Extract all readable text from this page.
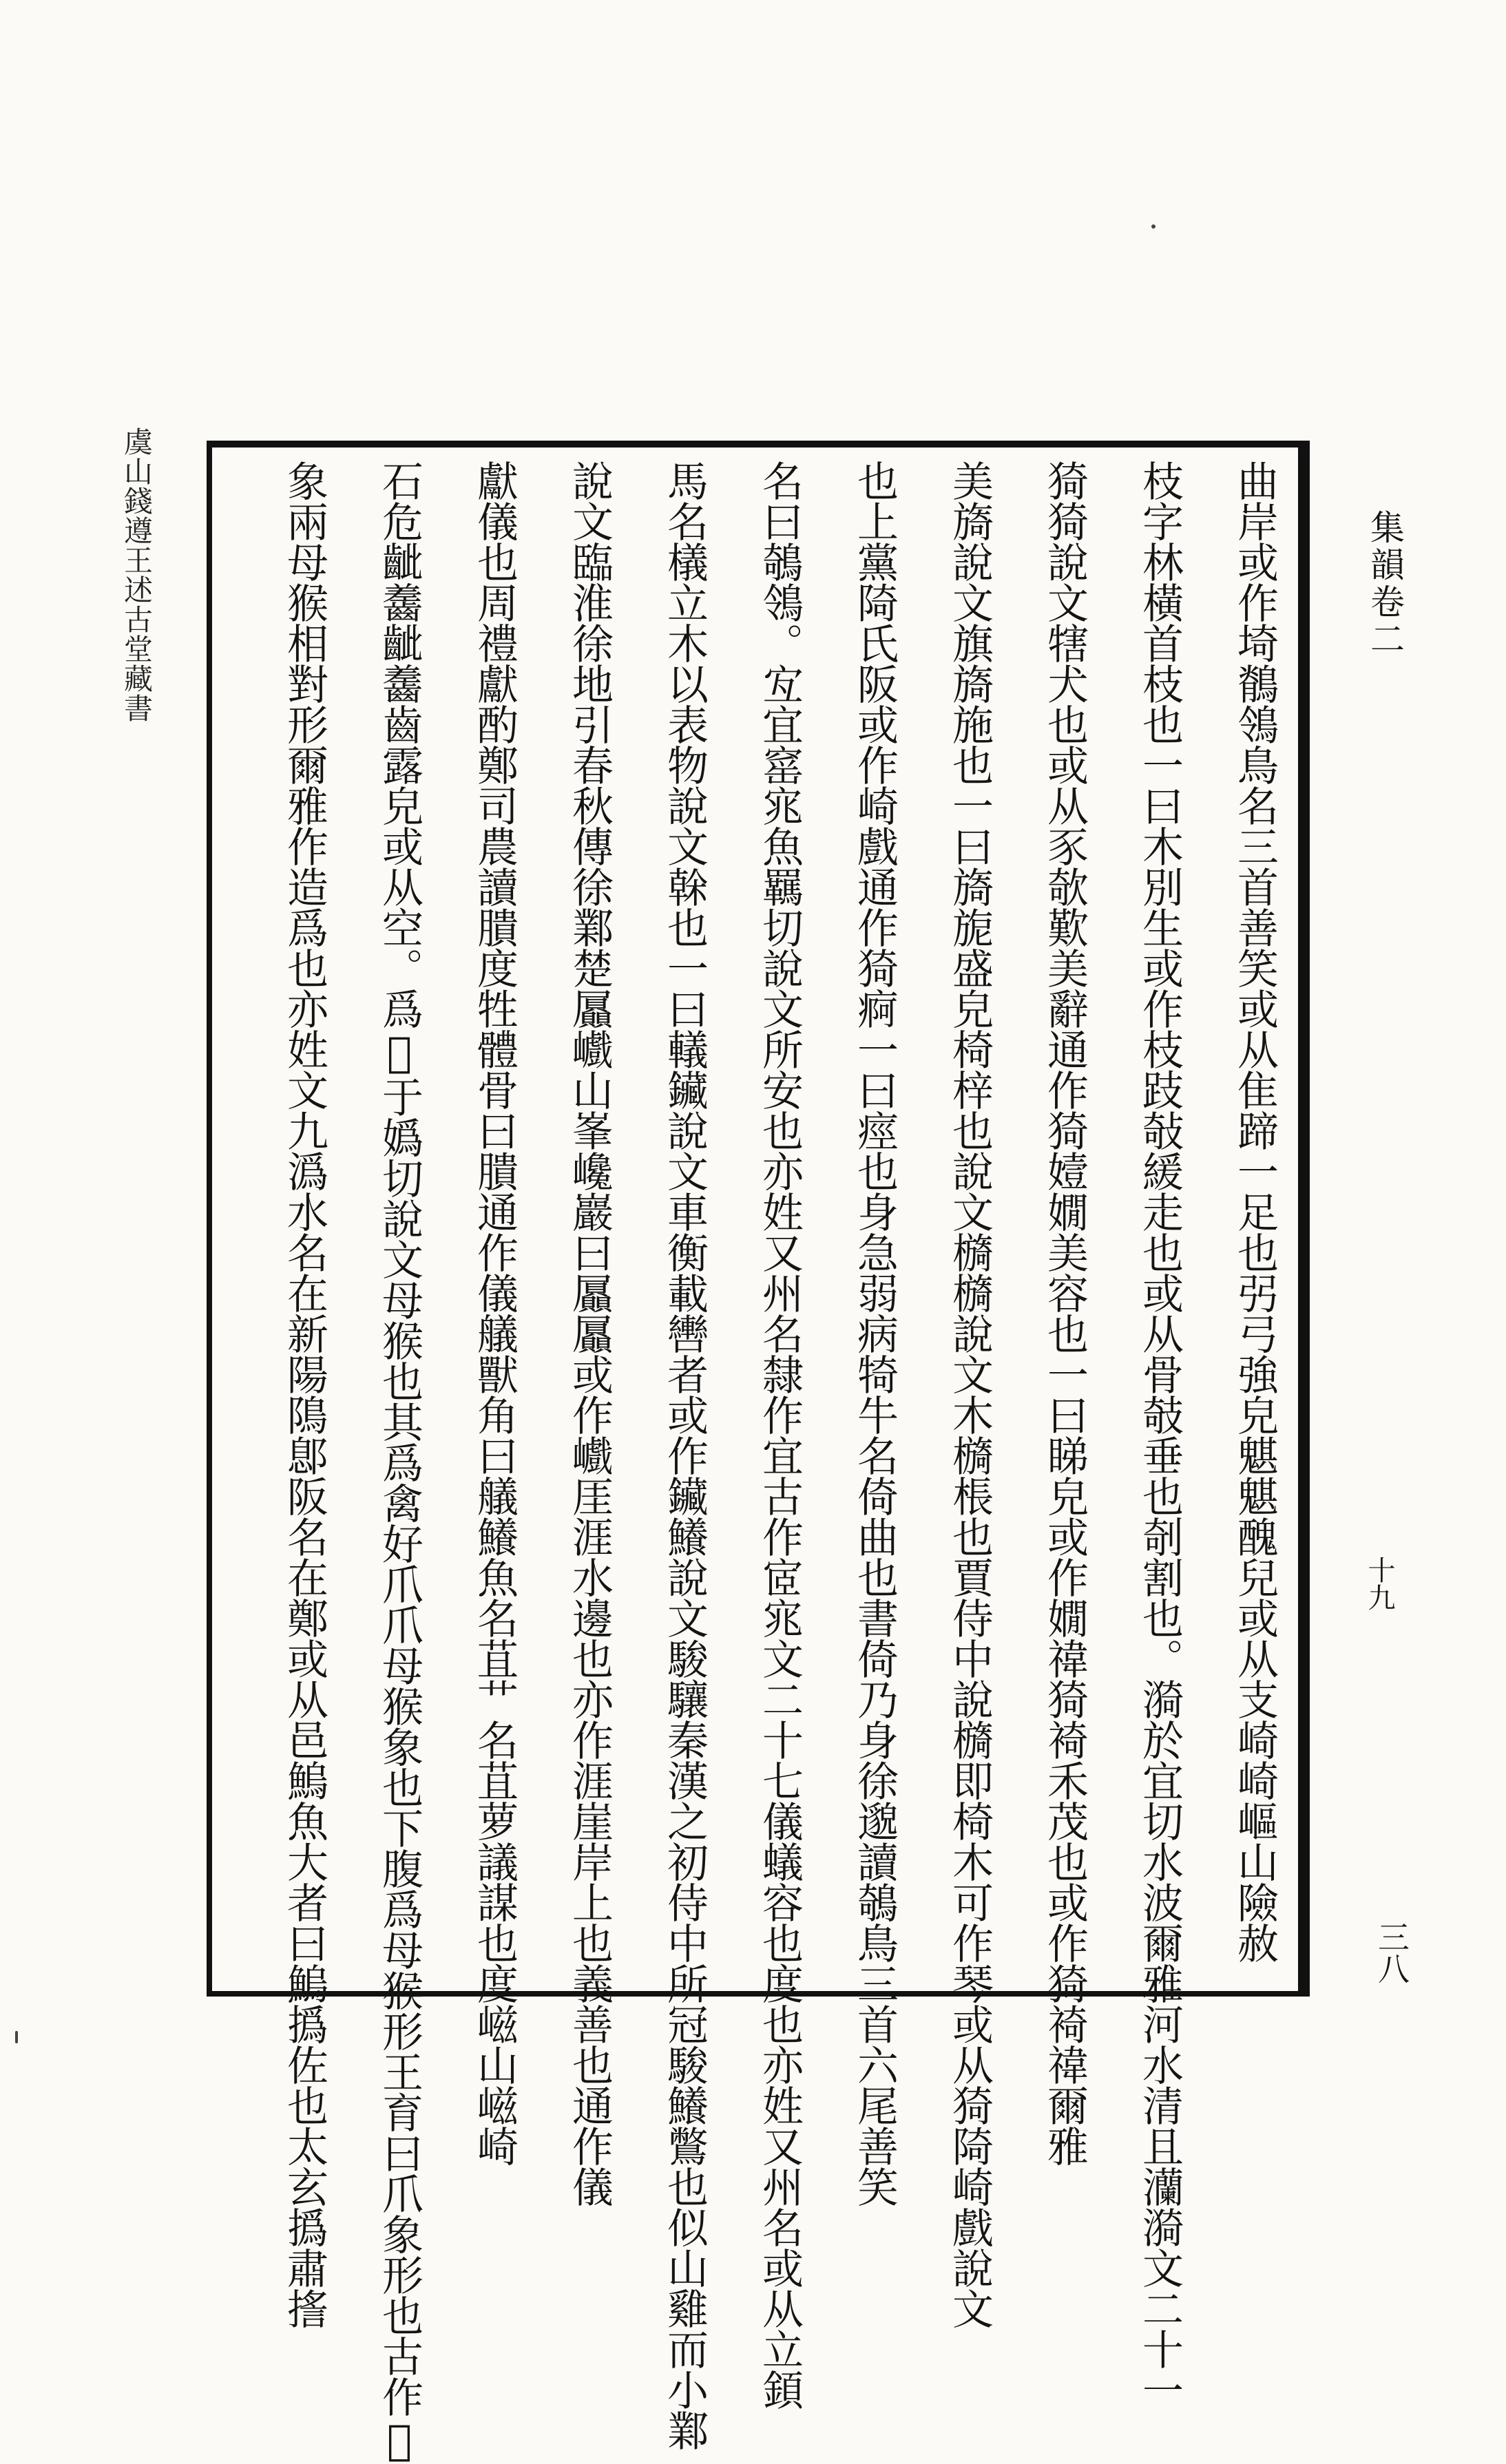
曲岸或作埼鶺鴒鳥名三首善笑或从隹蹄一足也弜弓強皃魌魌醜兒或从支崎崎嶇山險赦
枝字林橫首枝也一曰木別生或作枝跂敧緩走也或从骨攲垂也剞割也。漪於宜切水波爾雅河水清且灡漪文二十一
猗猗說文犗犬也或从豕欹歎美辭通作猗嬄嫺美容也一曰睇皃或作嫺禕猗裿禾茂也或作猗裿禕爾雅
美旖說文旗旖施也一曰旖旎盛皃椅梓也說文檹檹說文木檹棖也賈侍中說檹即椅木可作琴或从猗陭崎戲說文
也上黨陭氏阪或作崎戲通作猗痾一曰痙也身急弱病犄牛名倚曲也書倚乃身徐邈讀鵸鳥三首六尾善笑
名曰鵸鴒。宐宜窰宨魚羈切說文所安也亦姓又州名隸作宜古作宧宨文二十七儀蟻容也度也亦姓又州名或从立顉
馬名檥立木以表物說文榦也一曰轙鑶說文車衡載轡者或作鑶鱶說文駿驤秦漢之初侍中所冠駿鱶鷩也似山雞而小鄴
說文臨淮徐地引春秋傳徐鄴楚屭巇山峯巉巖曰屭屭或作巇厓涯水邊也亦作涯崖岸上也義善也通作儀
獻儀也周禮獻酌鄭司農讀膭度牲體骨曰膭通作儀艤獸角曰艤鱶魚名苴艹名苴萝議謀也度嵫山嵫崎
石危齜齹齜齹齒露皃或从空。爲𤓰于嬀切說文母猴也其爲禽好爪爪母猴象也下腹爲母猴形王育曰爪象形也古作𤓰
象兩母猴相對形爾雅作造爲也亦姓文九潙水名在新陽隝鄎阪名在鄭或从邑鰞魚大者曰鰞撝佐也太玄撝肅㨱	集韻卷二
十九
三八
虞山錢遵王述古堂藏書
